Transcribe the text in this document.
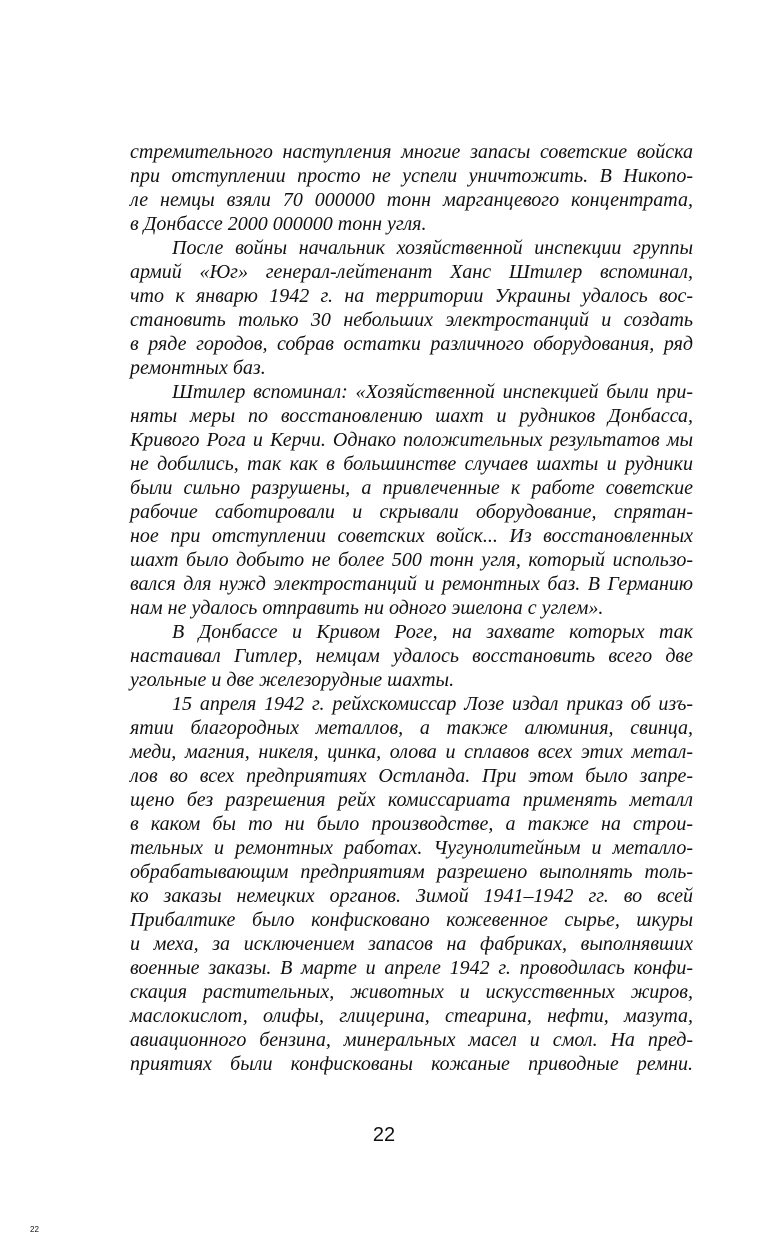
стремительного наступления многие запасы советские войска
при отступлении просто не успели уничтожить. В Никопо-
ле немцы взяли 70 000000 тонн марганцевого концентрата,
в Донбассе 2000 000000 тонн угля.
После войны начальник хозяйственной инспекции группы
армий «Юг» генерал-лейтенант Ханс Штилер вспоминал,
что к январю 1942 г. на территории Украины удалось вос-
становить только 30 небольших электростанций и создать
в ряде городов, собрав остатки различного оборудования, ряд
ремонтных баз.
Штилер вспоминал: «Хозяйственной инспекцией были при-
няты меры по восстановлению шахт и рудников Донбасса,
Кривого Рога и Керчи. Однако положительных результатов мы
не добились, так как в большинстве случаев шахты и рудники
были сильно разрушены, а привлеченные к работе советские
рабочие саботировали и скрывали оборудование, спрятан-
ное при отступлении советских войск... Из восстановленных
шахт было добыто не более 500 тонн угля, который использо-
вался для нужд электростанций и ремонтных баз. В Германию
нам не удалось отправить ни одного эшелона с углем».
В Донбассе и Кривом Роге, на захвате которых так
настаивал Гитлер, немцам удалось восстановить всего две
угольные и две железорудные шахты.
15 апреля 1942 г. рейхскомиссар Лозе издал приказ об изъ-
ятии благородных металлов, а также алюминия, свинца,
меди, магния, никеля, цинка, олова и сплавов всех этих метал-
лов во всех предприятиях Остланда. При этом было запре-
щено без разрешения рейх комиссариата применять металл
в каком бы то ни было производстве, а также на строи-
тельных и ремонтных работах. Чугунолитейным и металло-
обрабатывающим предприятиям разрешено выполнять толь-
ко заказы немецких органов. Зимой 1941–1942 гг. во всей
Прибалтике было конфисковано кожевенное сырье, шкуры
и меха, за исключением запасов на фабриках, выполнявших
военные заказы. В марте и апреле 1942 г. проводилась конфи-
скация растительных, животных и искусственных жиров,
маслокислот, олифы, глицерина, стеарина, нефти, мазута,
авиационного бензина, минеральных масел и смол. На пред-
приятиях были конфискованы кожаные приводные ремни.
22
22
